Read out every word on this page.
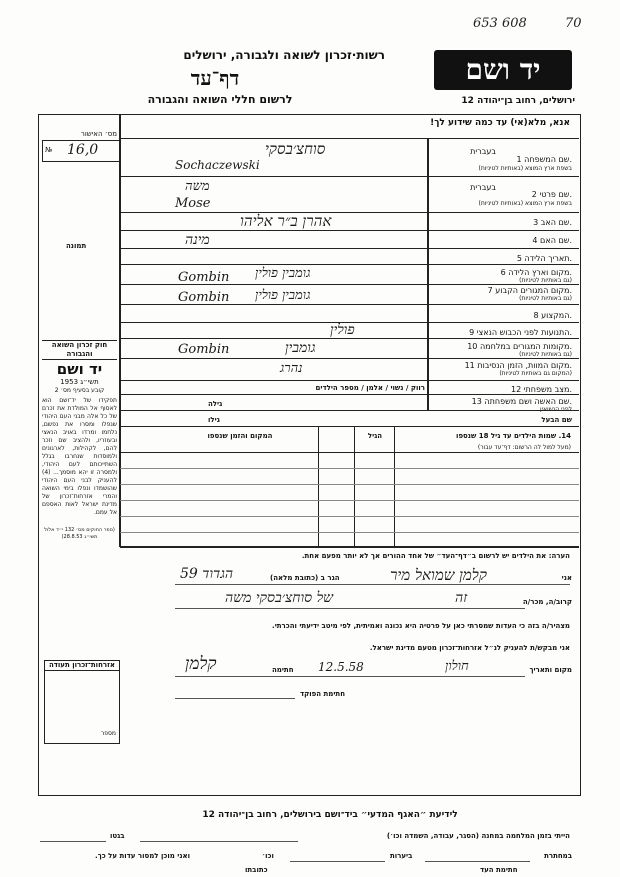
653 608	70
יד ושם
רשות·זכרון לשואה ולגבורה, ירושלים
דף־עד
לרשום חללי השואה והגבורה	ירושלים, רחוב בן־יהודה 12
אנא, מלא(אי) עד כמה שידוע לך!
מס׳ האישור
№ 16,0
תמונה
חוק זכרון השואה והגבורה
יד ושם
תשי״ג 1953
קובע בסעיף מס׳ 2
תפקידו של יד־ושם הוא לאסוף אל המולדת את זכרם של כל אלה מבני העם היהודי שנפלו ומסרו את נפשם, נלחמו ומרדו באויב הנאצי ובעוזריו, ולהציב שם וזכר להם, לקהילות, לארגונים ולמוסדות שנחרבו בגלל השתייכותם לעם היהודי, ולמסרה זו יהא מוסמך... (4) להעניק לבני העם היהודי שהושמדו ונפלו בימי השואה והמרי אזרחות־זכרון של מדינת ישראל לאות האספם אל עמם.
(ספר החוקים מס׳ 132 י״ד אלול תשי״ג 28.8.53)
אזרחות־זכרון תעודה
מספר
שם המשפחה 1.
בשפת ארץ המוצא (באותיות לטיניות)
בעברית
שם פרטי 2.
בשפת ארץ המוצא (באותיות לטיניות)
בעברית
שם האב 3.
שם האם 4.
תאריך הלידה 5.
מקום וארץ הלידה 6.
(גם באותיות לטיניות)
מקום המגורים הקבוע 7.
(גם באותיות לטיניות)
המקצוע 8.
התנועות לפני הכבוש הנאצי 9.
מקומות המגורים במלחמה 10.
(גם באותיות לטיניות)
מקום המוות, הזמן הנסיבות 11.
(המקום גם באותיות לטיניות)
מצב משפחתי 12.
שם האשה ושם משפחתה 13.
סוחצ׳בסקי
Sochaczewski
משה
Mose
אהרן ב״ר אליהו
מינה
גומבין פולין
Gombin
גומבין פולין
Gombin
פולין
גומבין
Gombin
נהרג
רווק / נשוי / אלמן / מספר הילדים
גילה
שם הבעל
גילו
14. שמות הילדים עד גיל 18 שנספו
(מעל למול לה הרשום: דף־עד עבור)
הגיל
המקום והזמן שנספו
הערה: את הילדים יש לרשום ב״דף־העד״ של אחד ההורים אך לא יותר מפעם אחת.
אני
קלמן שמואל מיר
הגר ב (כתובת מלאה)
הגדוד 59
קרוב/ה, מכר/ה
זה
של סוחצ׳בסקי משה
מצהיר/ה בזה כי העדות שמסרתי כאן על פרטיה היא נכונה ואמיתית, לפי מיטב ידיעתי והכרתי.
אני מבקש/ת להעניק לנ״ל אזרחות־זכרון מטעם מדינת ישראל.
מקום ותאריך
חולון
12.5.58
חתימה
קלמן
חתימת הפוקד
לידיעת ״האגף המדעי״ ביד־ושם בירושלים, רחוב בן־יהודה 12
הייתי בזמן המלחמה במחנה (הסגר, עבודה, השמדה וכו׳)
בגטו
במחתרת
ביערות
וכו׳
ואני מוכן למסור עדות על כך.
חתימת העד
כתובתו
